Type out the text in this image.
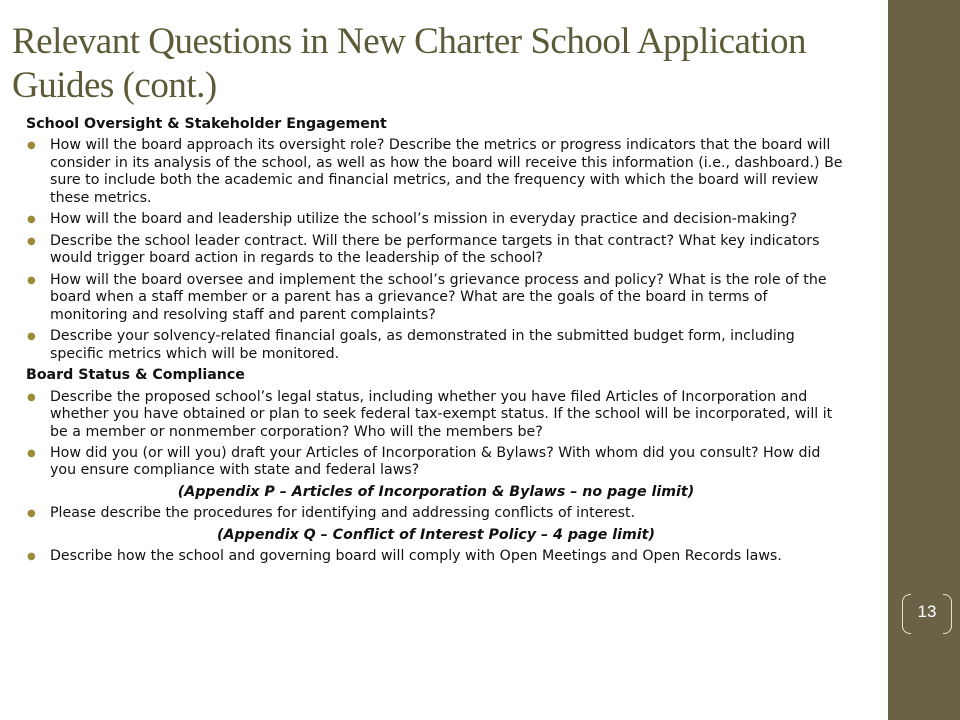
Relevant Questions in New Charter School Application Guides (cont.)
School Oversight & Stakeholder Engagement
●	How will the board approach its oversight role? Describe the metrics or progress indicators that the board will consider in its analysis of the school, as well as how the board will receive this information (i.e., dashboard.) Be sure to include both the academic and financial metrics, and the frequency with which the board will review these metrics.
●	How will the board and leadership utilize the school’s mission in everyday practice and decision-making?
●	Describe the school leader contract. Will there be performance targets in that contract? What key indicators would trigger board action in regards to the leadership of the school?
●	How will the board oversee and implement the school’s grievance process and policy? What is the role of the board when a staff member or a parent has a grievance? What are the goals of the board in terms of monitoring and resolving staff and parent complaints?
●	Describe your solvency-related financial goals, as demonstrated in the submitted budget form, including specific metrics which will be monitored.
Board Status & Compliance
●	Describe the proposed school’s legal status, including whether you have filed Articles of Incorporation and whether you have obtained or plan to seek federal tax-exempt status. If the school will be incorporated, will it be a member or nonmember corporation? Who will the members be?
●	How did you (or will you) draft your Articles of Incorporation & Bylaws? With whom did you consult? How did you ensure compliance with state and federal laws?
(Appendix P – Articles of Incorporation & Bylaws – no page limit)
●	Please describe the procedures for identifying and addressing conflicts of interest.
(Appendix Q – Conflict of Interest Policy – 4 page limit)
●	Describe how the school and governing board will comply with Open Meetings and Open Records laws.
13
